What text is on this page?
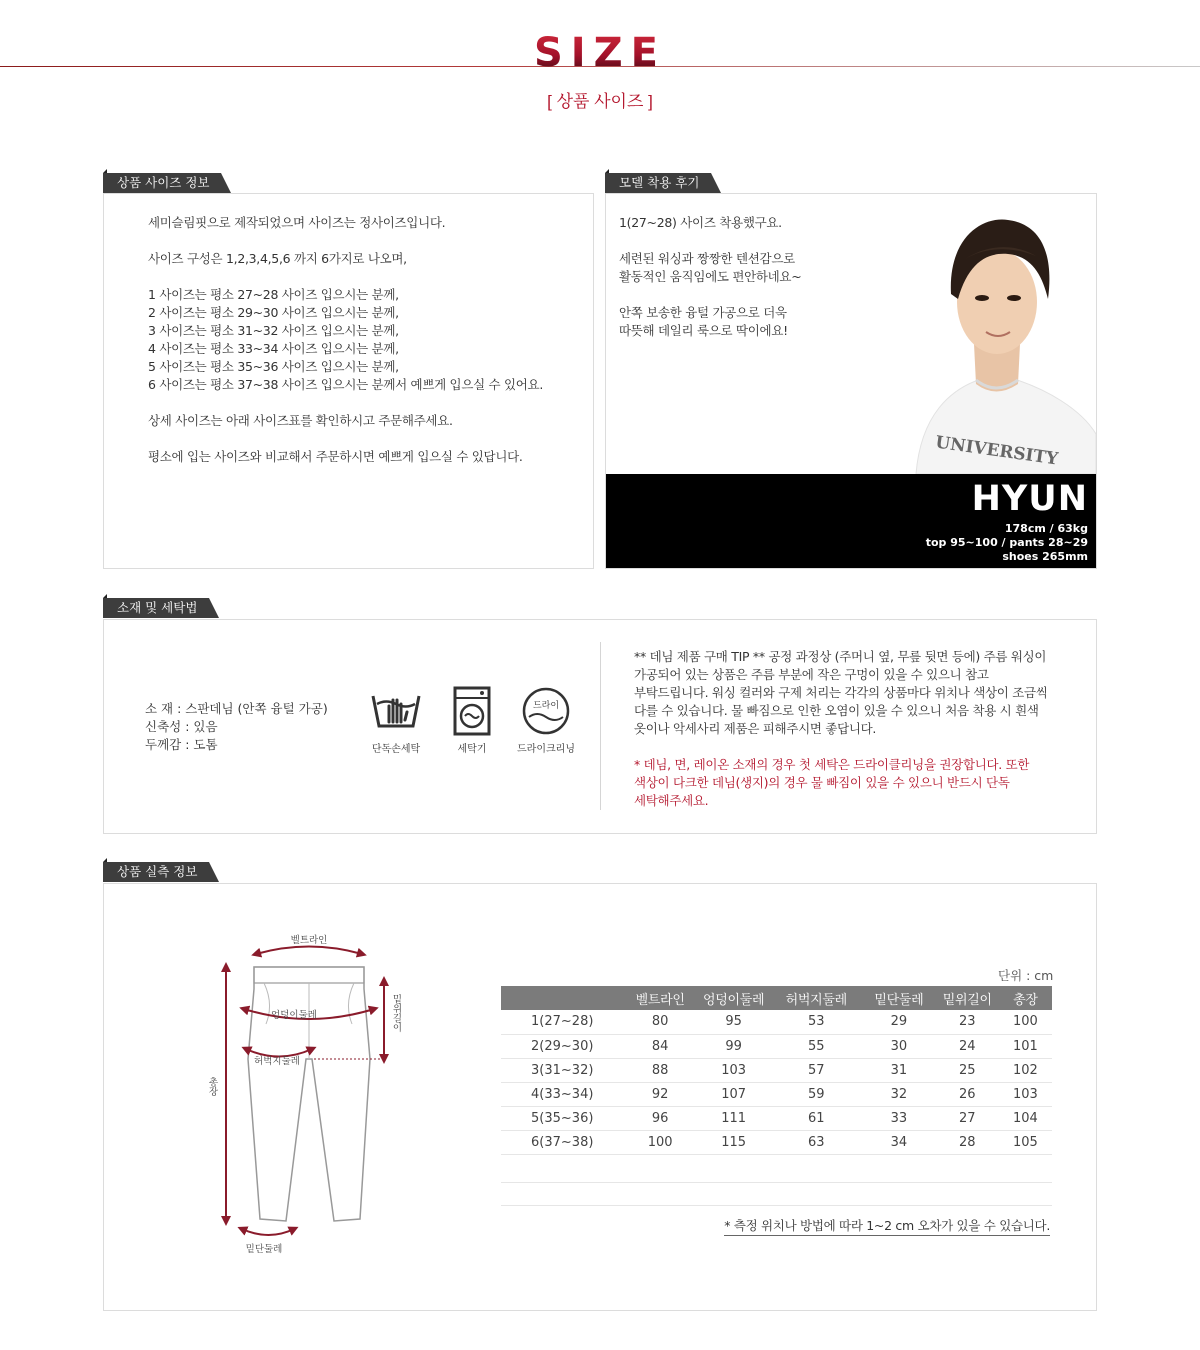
SIZE
[ 상품 사이즈 ]
상품 사이즈 정보
세미슬림핏으로 제작되었으며 사이즈는 정사이즈입니다.
사이즈 구성은 1,2,3,4,5,6 까지 6가지로 나오며,
1 사이즈는 평소 27~28 사이즈 입으시는 분께,
2 사이즈는 평소 29~30 사이즈 입으시는 분께,
3 사이즈는 평소 31~32 사이즈 입으시는 분께,
4 사이즈는 평소 33~34 사이즈 입으시는 분께,
5 사이즈는 평소 35~36 사이즈 입으시는 분께,
6 사이즈는 평소 37~38 사이즈 입으시는 분께서 예쁘게 입으실 수 있어요.
상세 사이즈는 아래 사이즈표를 확인하시고 주문해주세요.
평소에 입는 사이즈와 비교해서 주문하시면 예쁘게 입으실 수 있답니다.
모델 착용 후기
1(27~28) 사이즈 착용했구요.
세련된 워싱과 짱짱한 텐션감으로
활동적인 움직임에도 편안하네요~
안쪽 보송한 융털 가공으로 더욱
따뜻해 데일리 룩으로 딱이에요!
UNIVERSITY
HYUN
178cm / 63kg
top 95~100 / pants 28~29
shoes 265mm
소재 및 세탁법
소 재 : 스판데님 (안쪽 융털 가공)
신축성 : 있음
두께감 : 도톰	단독손세탁	세탁기
드라이
드라이크리닝
** 데님 제품 구매 TIP ** 공정 과정상 (주머니 옆, 무릎 뒷면 등에) 주름 워싱이
가공되어 있는 상품은 주름 부분에 작은 구멍이 있을 수 있으니 참고
부탁드립니다. 워싱 컬러와 구제 처리는 각각의 상품마다 위치나 색상이 조금씩
다를 수 있습니다. 물 빠짐으로 인한 오염이 있을 수 있으니 처음 착용 시 흰색
옷이나 악세사리 제품은 피해주시면 좋답니다.
* 데님, 면, 레이온 소재의 경우 첫 세탁은 드라이클리닝을 권장합니다. 또한
색상이 다크한 데님(생지)의 경우 물 빠짐이 있을 수 있으니 반드시 단독
세탁해주세요.
상품 실측 정보
벨트라인
엉덩이둘레
허벅지둘레
밑단둘레
총장
밑위길이
단위 : cm
	벨트라인	엉덩이둘레	허벅지둘레	밑단둘레	밑위길이	총장
1(27~28)	80	95	53	29	23	100
2(29~30)	84	99	55	30	24	101
3(31~32)	88	103	57	31	25	102
4(33~34)	92	107	59	32	26	103
5(35~36)	96	111	61	33	27	104
6(37~38)	100	115	63	34	28	105
* 측정 위치나 방법에 따라 1~2 cm 오차가 있을 수 있습니다.
